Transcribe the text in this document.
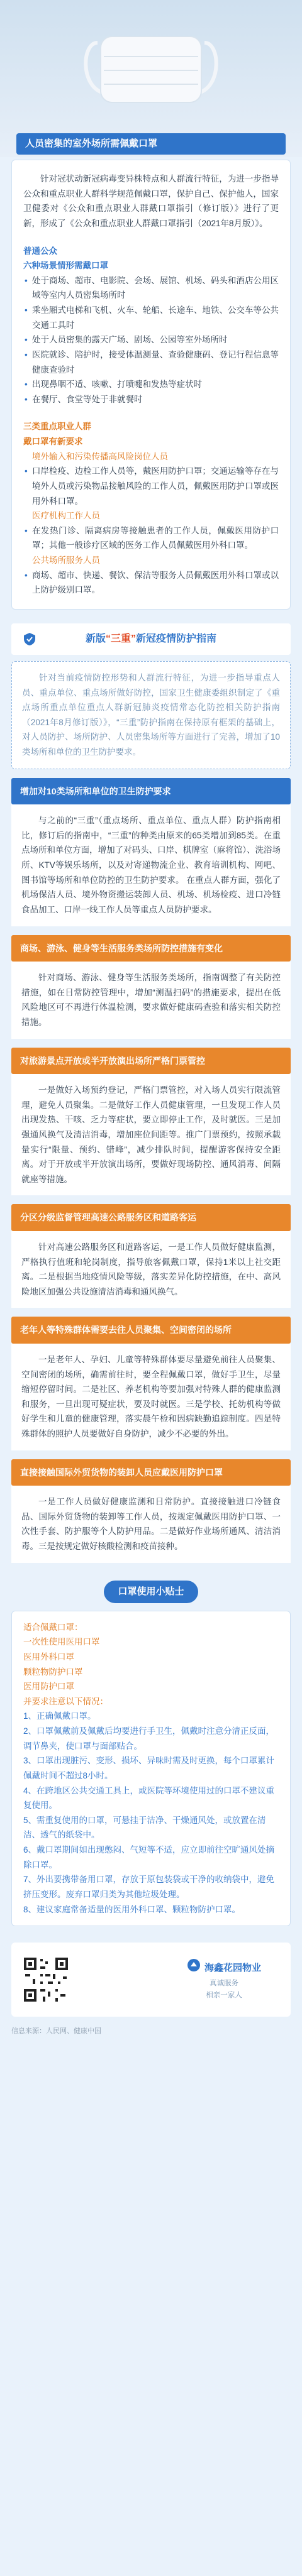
人员密集的室外场所需佩戴口罩

针对冠状动新冠病毒变异株特点和人群流行特征，为进一步指导公众和重点职业人群科学规范佩戴口罩，保护自己、保护他人，国家卫健委对《公众和重点职业人群戴口罩指引（修订版）》进行了更新，形成了《公众和重点职业人群戴口罩指引（2021年8月版）》。

普通公众
六种场景情形需戴口罩
• 处于商场、超市、电影院、会场、展馆、机场、码头和酒店公用区域等室内人员密集场所时
• 乘坐厢式电梯和飞机、火车、轮船、长途车、地铁、公交车等公共交通工具时
• 处于人员密集的露天广场、剧场、公园等室外场所时
• 医院就诊、陪护时，接受体温测量、查验健康码、登记行程信息等健康查验时
• 出现鼻咽不适、咳嗽、打喷嚏和发热等症状时
• 在餐厅、食堂等处于非就餐时
三类重点职业人群
戴口罩有新要求
境外输入和污染传播高风险岗位人员

• 口岸检疫、边检工作人员等，戴医用防护口罩；交通运输等存在与境外人员或污染物品接触风险的工作人员，佩戴医用防护口罩或医用外科口罩。

医疗机构工作人员

• 在发热门诊、隔离病房等接触患者的工作人员，佩戴医用防护口罩；其他一般诊疗区域的医务工作人员佩戴医用外科口罩。

公共场所服务人员

• 商场、超市、快递、餐饮、保洁等服务人员佩戴医用外科口罩或以上防护级别口罩。

新版 “三重” 新冠疫情防护指南

针对当前疫情防控形势和人群流行特征，为进一步指导重点人员、重点单位、重点场所做好防控，国家卫生健康委组织制定了《重点场所重点单位重点人群新冠肺炎疫情常态化防控相关防护指南（2021年8月修订版）》，“三重”防护指南在保持原有框架的基础上，对人员防护、场所防护、人员密集场所等方面进行了完善，增加了10类场所和单位的卫生防护要求。

增加对10类场所和单位的卫生防护要求

与之前的“三重”（重点场所、重点单位、重点人群）防护指南相比，修订后的指南中，“三重”的种类由原来的65类增加到85类。在重点场所和单位方面，增加了对码头、口岸、棋牌室（麻将馆）、洗浴场所、KTV等娱乐场所，以及对寄递物流企业、教育培训机构、网吧、图书馆等场所和单位防控的卫生防护要求。 在重点人群方面，强化了机场保洁人员、境外物资搬运装卸人员、机场、机场检疫、进口冷链食品加工、口岸一线工作人员等重点人员防护要求。

商场、游泳、健身等生活服务类场所防控措施有变化

针对商场、游泳、健身等生活服务类场所，指南调整了有关防控措施，如在日常防控管理中，增加“测温扫码”的措施要求，提出在低风险地区可不再进行体温检测，要求做好健康码查验和落实相关防控措施。

对旅游景点开放或半开放演出场所严格门票管控

一是做好入场预约登记，严格门票管控，对入场人员实行限流管理，避免人员聚集。二是做好工作人员健康管理，一旦发现工作人员出现发热、干咳、乏力等症状，要立即停止工作，及时就医。三是加强通风换气及清洁消毒，增加座位间距等。推广门票预约，按照承载量实行“限量、预约、错峰”，减少排队时间，提醒游客保持安全距离。对于开放或半开放演出场所，要做好现场防控、通风消毒、间隔就座等措施。

分区分级监督管理高速公路服务区和道路客运

针对高速公路服务区和道路客运，一是工作人员做好健康监测，严格执行值班和轮岗制度，指导旅客佩戴口罩，保持1米以上社交距离。二是根据当地疫情风险等级，落实差异化防控措施，在中、高风险地区加强公共设施清洁消毒和通风换气。

老年人等特殊群体需要去往人员聚集、空间密闭的场所

一是老年人、孕妇、儿童等特殊群体要尽量避免前往人员聚集、空间密闭的场所，确需前往时，要全程佩戴口罩，做好手卫生，尽量缩短停留时间。二是社区、养老机构等要加强对特殊人群的健康监测和服务，一旦出现可疑症状，要及时就医。三是学校、托幼机构等做好学生和儿童的健康管理，落实晨午检和因病缺勤追踪制度。四是特殊群体的照护人员要做好自身防护，减少不必要的外出。

直接接触国际外贸货物的装卸人员应戴医用防护口罩

一是工作人员做好健康监测和日常防护。直接接触进口冷链食品、国际外贸货物的装卸等工作人员，按规定佩戴医用防护口罩、一次性手套、防护服等个人防护用品。二是做好作业场所通风、清洁消毒。三是按规定做好核酸检测和疫苗接种。

口罩使用小贴士
适合佩戴口罩：
一次性使用医用口罩
医用外科口罩
颗粒物防护口罩
医用防护口罩
并要求注意以下情况：
1、正确佩戴口罩。
2、口罩佩戴前及佩戴后均要进行手卫生，佩戴时注意分清正反面，调节鼻夹，使口罩与面部贴合。
3、口罩出现脏污、变形、损坏、异味时需及时更换，每个口罩累计佩戴时间不超过8小时。
4、在跨地区公共交通工具上，或医院等环境使用过的口罩不建议重复使用。
5、需重复使用的口罩，可悬挂于洁净、干燥通风处，或放置在清洁、透气的纸袋中。
6、戴口罩期间如出现憋闷、气短等不适，应立即前往空旷通风处摘除口罩。
7、外出要携带备用口罩，存放于原包装袋或干净的收纳袋中，避免挤压变形。废弃口罩归类为其他垃圾处理。
8、建议家庭常备适量的医用外科口罩、颗粒物防护口罩。
海鑫花园物业
真诚服务
相亲一家人
信息来源：人民网、健康中国
